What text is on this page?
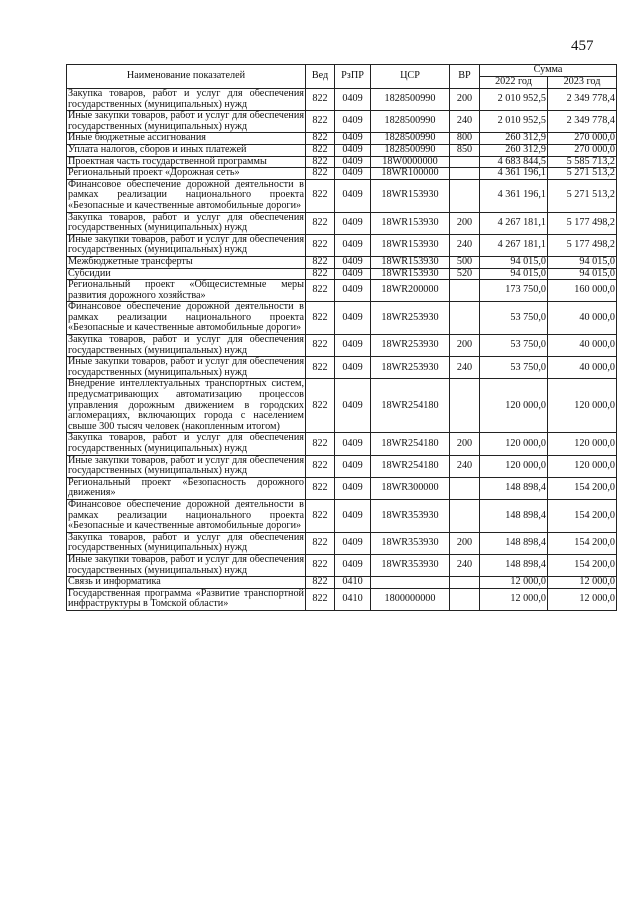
457
Наименование показателей	Вед	РзПР	ЦСР	ВР	Сумма	
					2022 год	2023 год
Закупка товаров, работ и услуг для обеспечения государственных (муниципальных) нужд	822	0409	1828500990	200	2 010 952,5	2 349 778,4
Иные закупки товаров, работ и услуг для обеспечения государственных (муниципальных) нужд	822	0409	1828500990	240	2 010 952,5	2 349 778,4
Иные бюджетные ассигнования	822	0409	1828500990	800	260 312,9	270 000,0
Уплата налогов, сборов и иных платежей	822	0409	1828500990	850	260 312,9	270 000,0
Проектная часть государственной программы	822	0409	18W0000000		4 683 844,5	5 585 713,2
Региональный проект «Дорожная сеть»	822	0409	18WR100000		4 361 196,1	5 271 513,2
Финансовое обеспечение дорожной деятельности в рамках реализации национального проекта «Безопасные и качественные автомобильные дороги»	822	0409	18WR153930		4 361 196,1	5 271 513,2
Закупка товаров, работ и услуг для обеспечения государственных (муниципальных) нужд	822	0409	18WR153930	200	4 267 181,1	5 177 498,2
Иные закупки товаров, работ и услуг для обеспечения государственных (муниципальных) нужд	822	0409	18WR153930	240	4 267 181,1	5 177 498,2
Межбюджетные трансферты	822	0409	18WR153930	500	94 015,0	94 015,0
Субсидии	822	0409	18WR153930	520	94 015,0	94 015,0
Региональный проект «Общесистемные меры развития дорожного хозяйства»	822	0409	18WR200000		173 750,0	160 000,0
Финансовое обеспечение дорожной деятельности в рамках реализации национального проекта «Безопасные и качественные автомобильные дороги»	822	0409	18WR253930		53 750,0	40 000,0
Закупка товаров, работ и услуг для обеспечения государственных (муниципальных) нужд	822	0409	18WR253930	200	53 750,0	40 000,0
Иные закупки товаров, работ и услуг для обеспечения государственных (муниципальных) нужд	822	0409	18WR253930	240	53 750,0	40 000,0
Внедрение интеллектуальных транспортных систем, предусматривающих автоматизацию процессов управления дорожным движением в городских агломерациях, включающих города с населением свыше 300 тысяч человек (накопленным итогом)	822	0409	18WR254180		120 000,0	120 000,0
Закупка товаров, работ и услуг для обеспечения государственных (муниципальных) нужд	822	0409	18WR254180	200	120 000,0	120 000,0
Иные закупки товаров, работ и услуг для обеспечения государственных (муниципальных) нужд	822	0409	18WR254180	240	120 000,0	120 000,0
Региональный проект «Безопасность дорожного движения»	822	0409	18WR300000		148 898,4	154 200,0
Финансовое обеспечение дорожной деятельности в рамках реализации национального проекта «Безопасные и качественные автомобильные дороги»	822	0409	18WR353930		148 898,4	154 200,0
Закупка товаров, работ и услуг для обеспечения государственных (муниципальных) нужд	822	0409	18WR353930	200	148 898,4	154 200,0
Иные закупки товаров, работ и услуг для обеспечения государственных (муниципальных) нужд	822	0409	18WR353930	240	148 898,4	154 200,0
Связь и информатика	822	0410			12 000,0	12 000,0
Государственная программа «Развитие транспортной инфраструктуры в Томской области»	822	0410	1800000000		12 000,0	12 000,0
